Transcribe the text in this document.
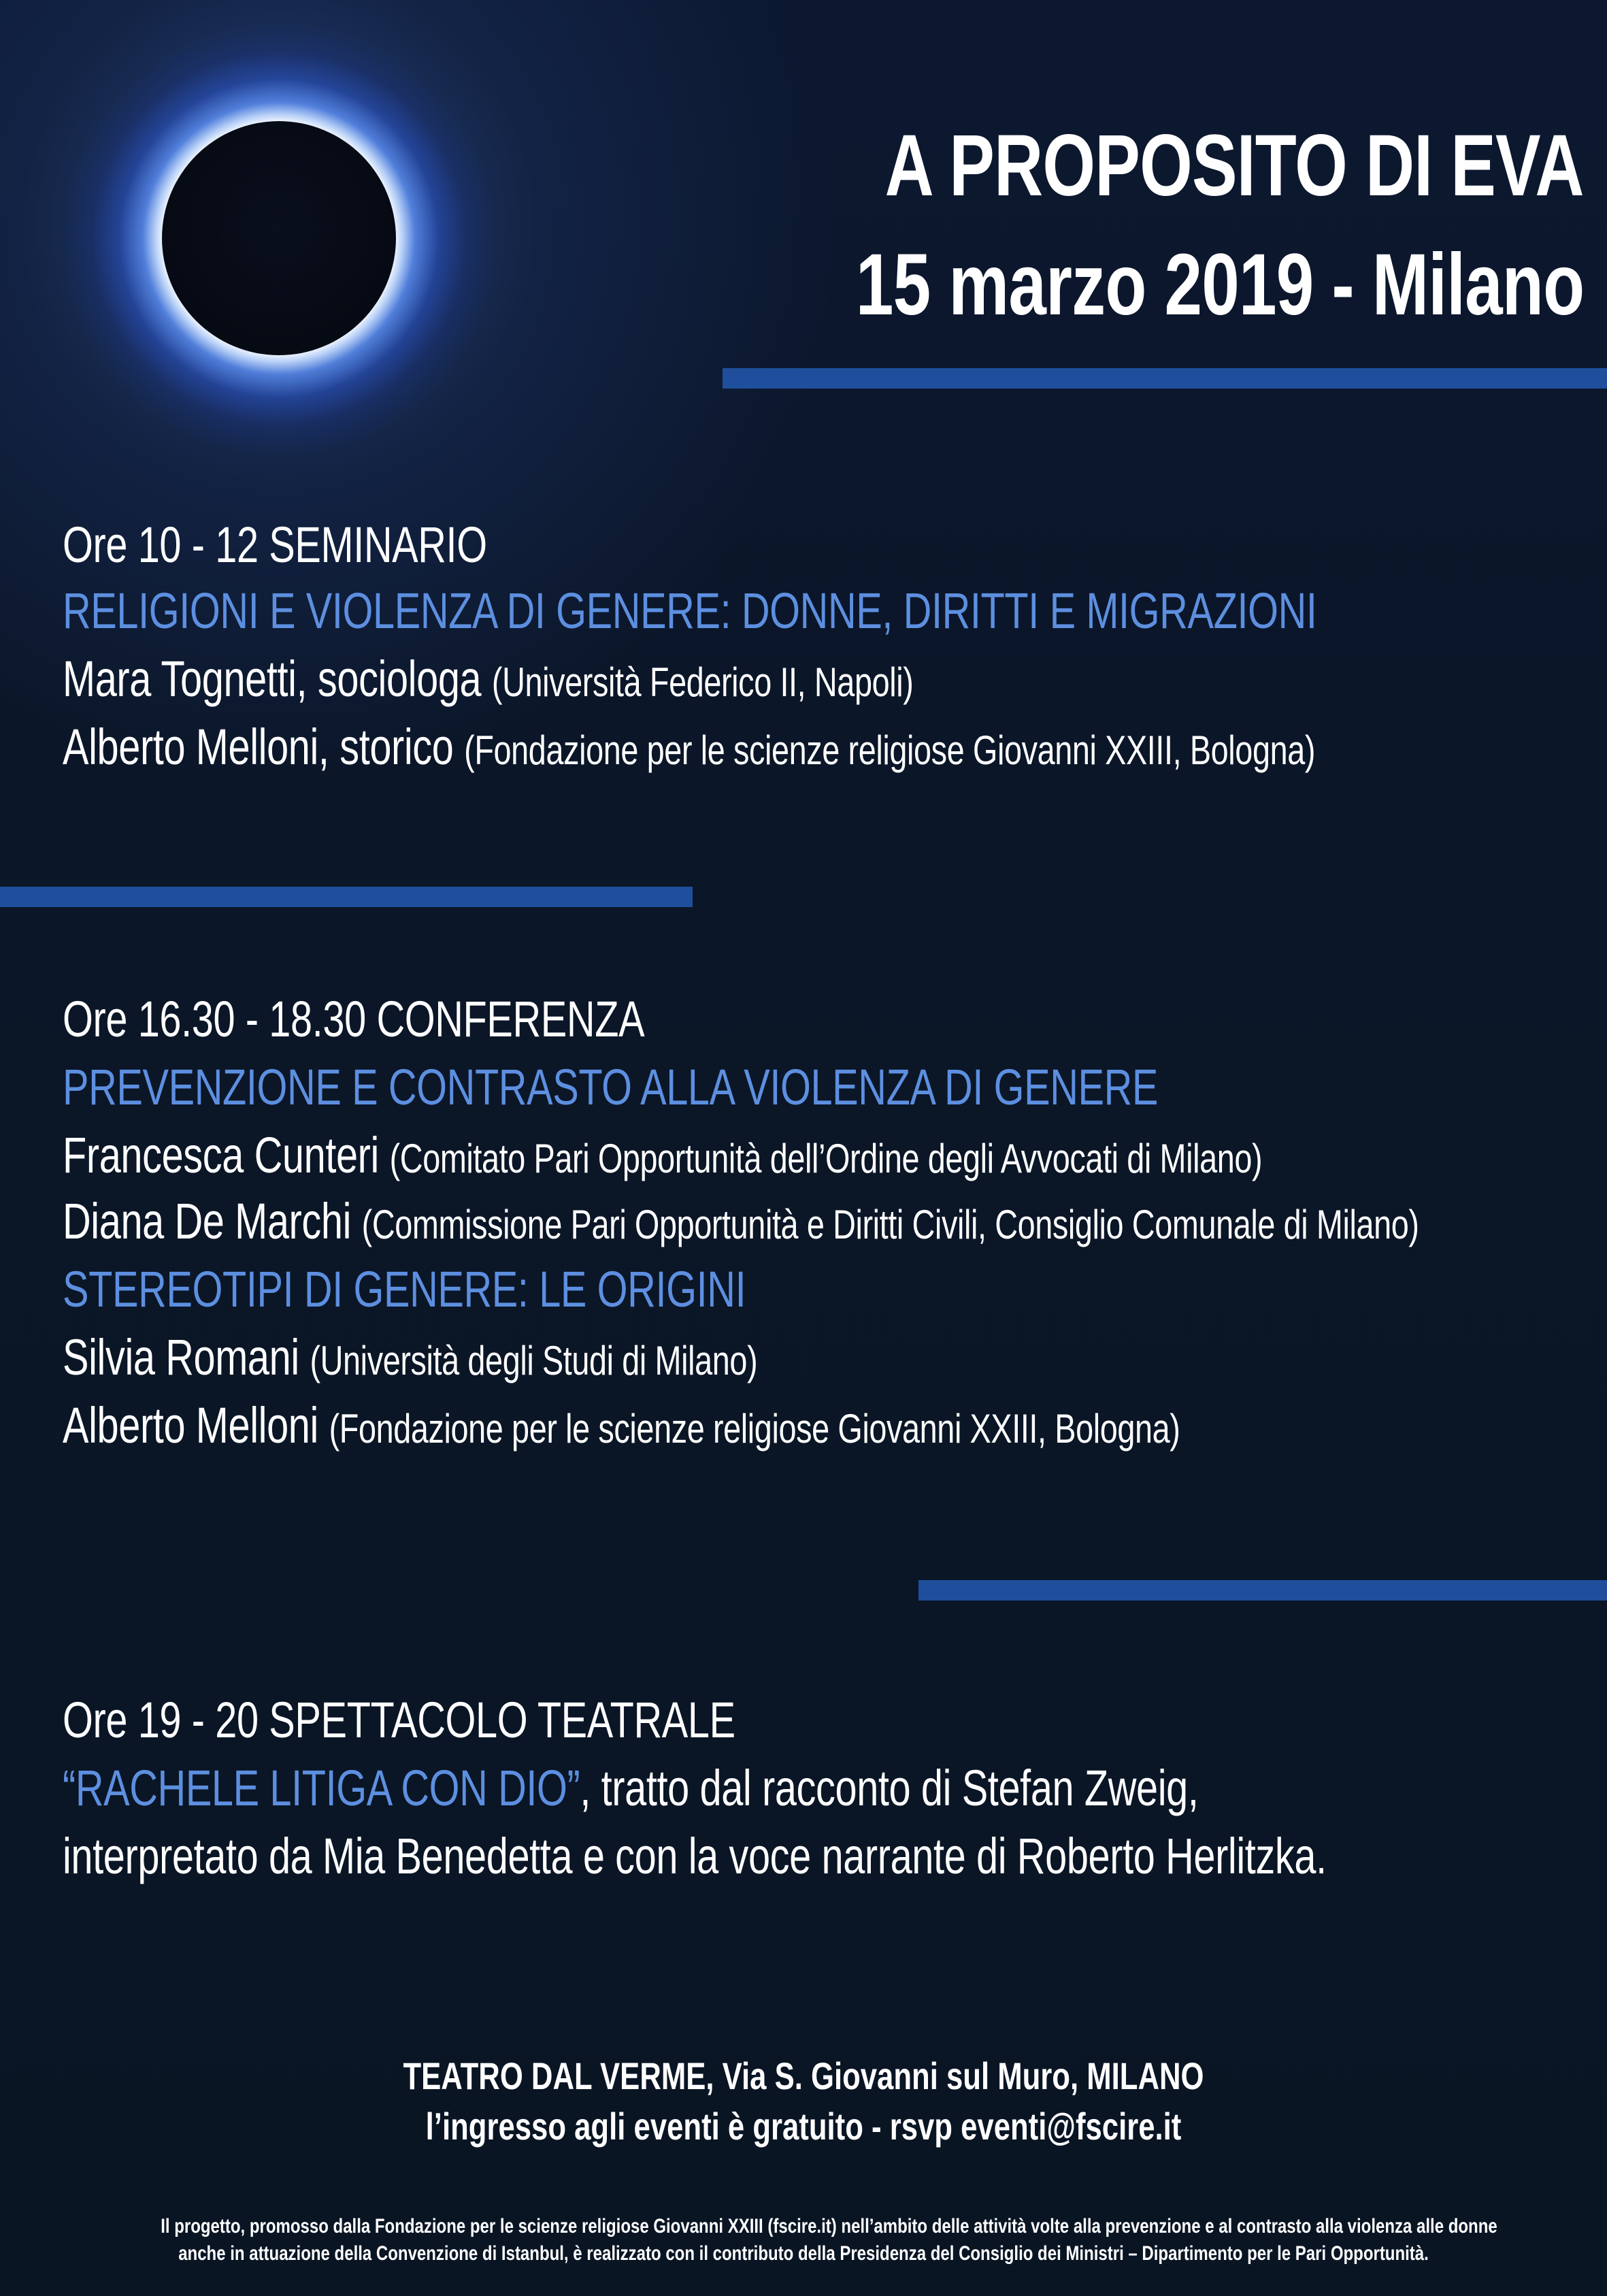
A PROPOSITO DI EVA
15 marzo 2019 - Milano
Ore 10 - 12 SEMINARIO
RELIGIONI E VIOLENZA DI GENERE: DONNE, DIRITTI E MIGRAZIONI
Mara Tognetti, sociologa (Università Federico II, Napoli)
Alberto Melloni, storico (Fondazione per le scienze religiose Giovanni XXIII, Bologna)
Ore 16.30 - 18.30 CONFERENZA
PREVENZIONE E CONTRASTO ALLA VIOLENZA DI GENERE
Francesca Cunteri (Comitato Pari Opportunità dell’Ordine degli Avvocati di Milano)
Diana De Marchi (Commissione Pari Opportunità e Diritti Civili, Consiglio Comunale di Milano)
STEREOTIPI DI GENERE: LE ORIGINI
Silvia Romani (Università degli Studi di Milano)
Alberto Melloni (Fondazione per le scienze religiose Giovanni XXIII, Bologna)
Ore 19 - 20 SPETTACOLO TEATRALE
“RACHELE LITIGA CON DIO”, tratto dal racconto di Stefan Zweig,
interpretato da Mia Benedetta e con la voce narrante di Roberto Herlitzka.
TEATRO DAL VERME, Via S. Giovanni sul Muro, MILANO
l’ingresso agli eventi è gratuito - rsvp eventi@fscire.it
Il progetto, promosso dalla Fondazione per le scienze religiose Giovanni XXIII (fscire.it) nell’ambito delle attività volte alla prevenzione e al contrasto alla violenza alle donne
anche in attuazione della Convenzione di Istanbul, è realizzato con il contributo della Presidenza del Consiglio dei Ministri – Dipartimento per le Pari Opportunità.
